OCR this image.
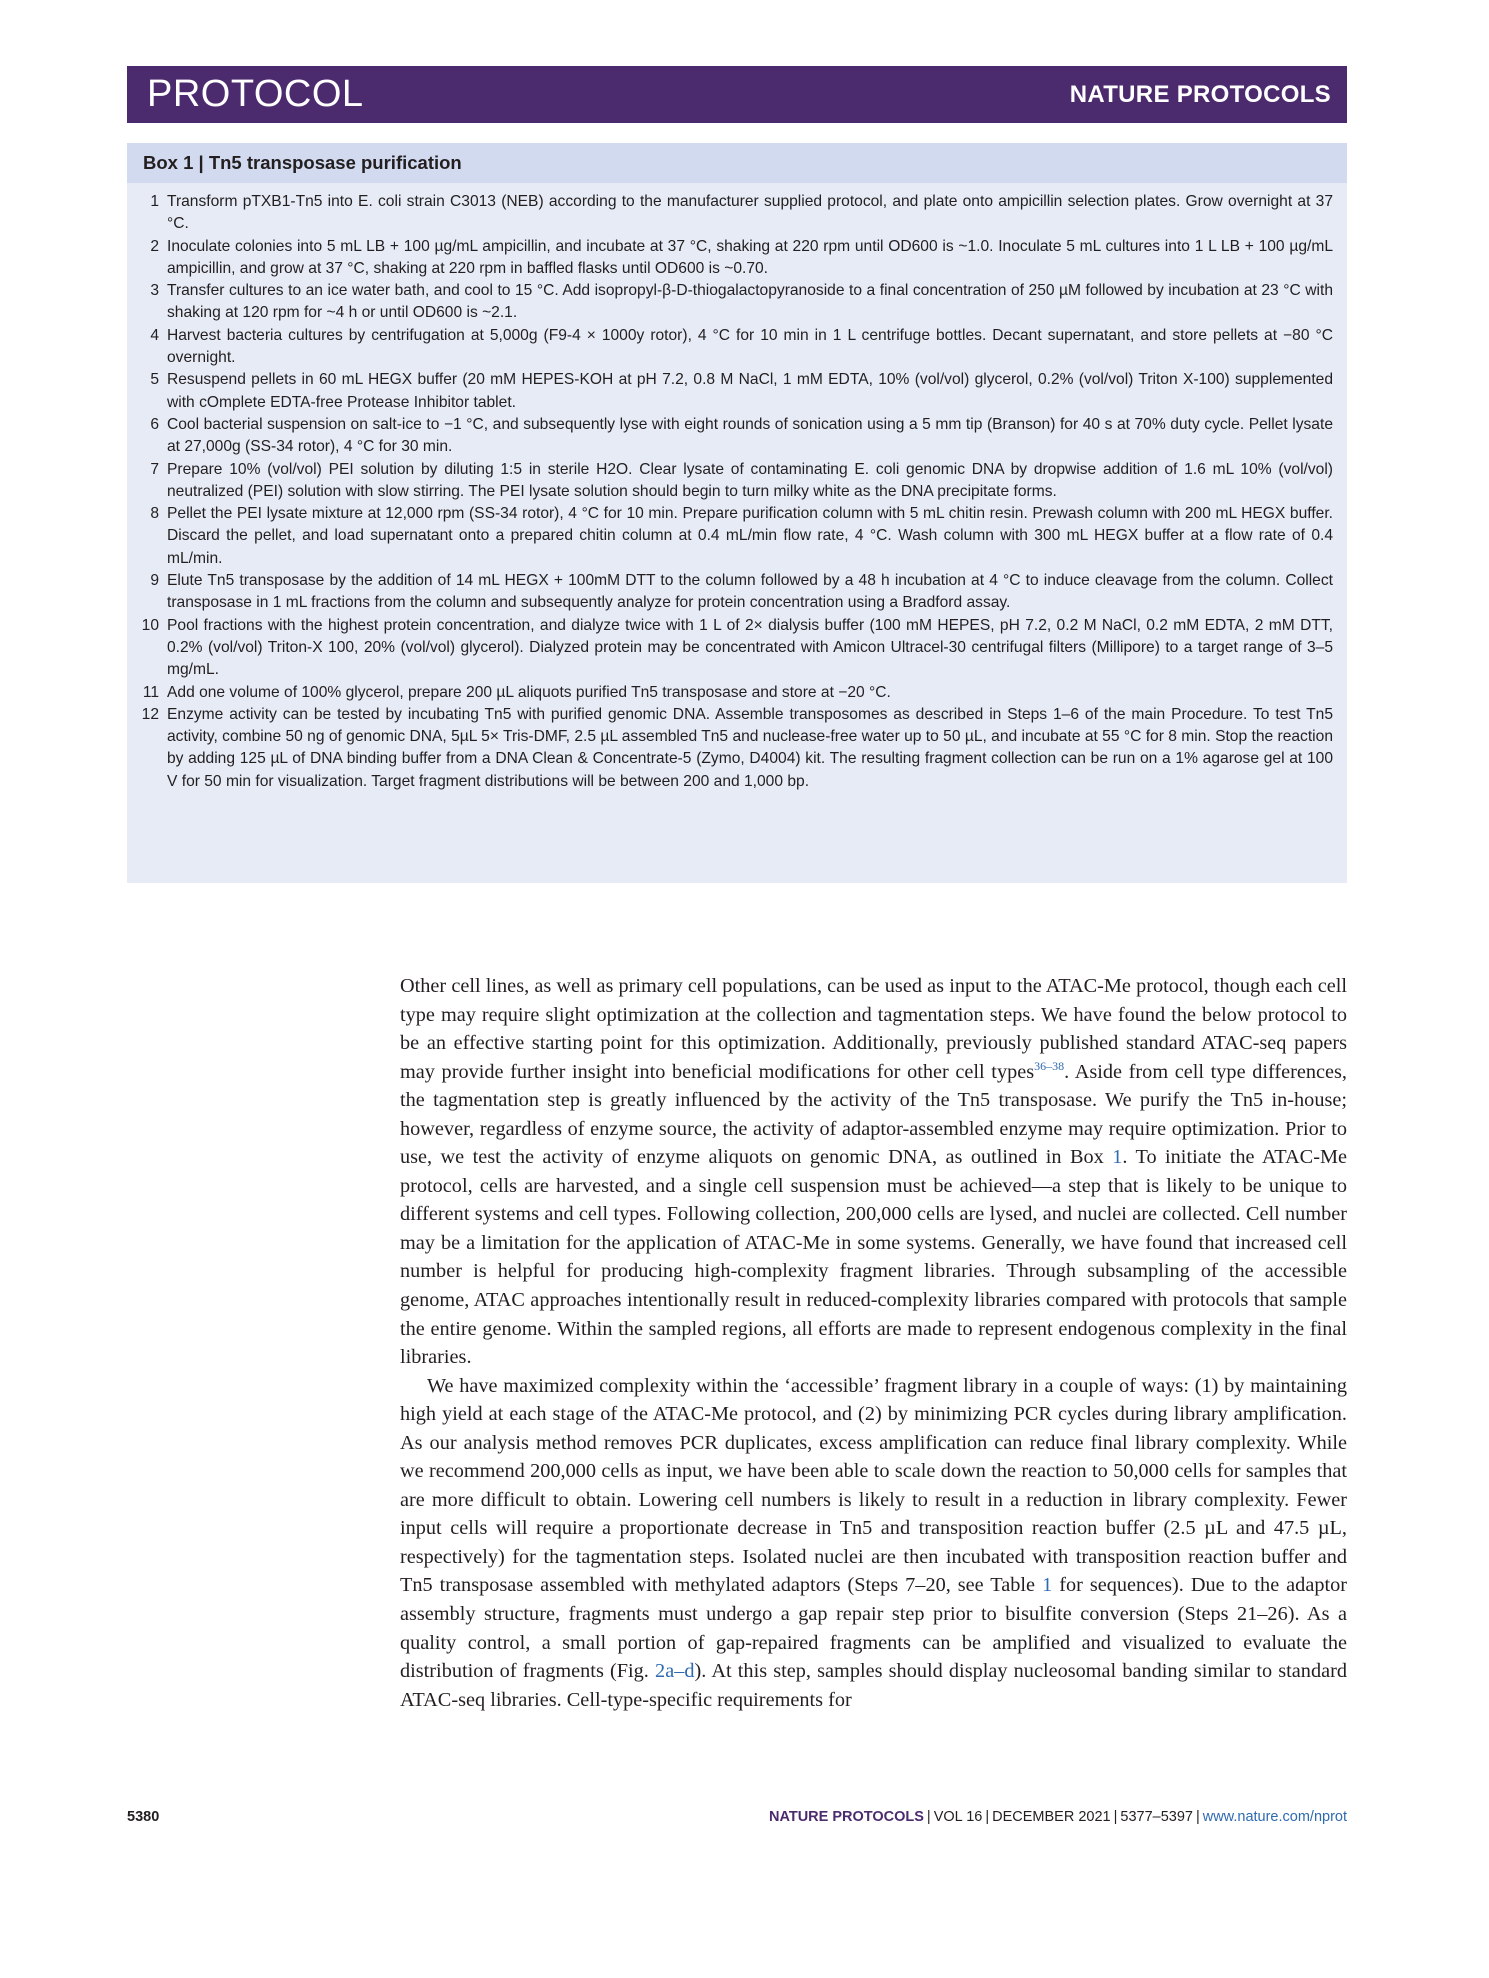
PROTOCOL	NATURE PROTOCOLS
Box 1 | Tn5 transposase purification
1 Transform pTXB1-Tn5 into E. coli strain C3013 (NEB) according to the manufacturer supplied protocol, and plate onto ampicillin selection plates. Grow overnight at 37 °C.
2 Inoculate colonies into 5 mL LB + 100 µg/mL ampicillin, and incubate at 37 °C, shaking at 220 rpm until OD600 is ~1.0. Inoculate 5 mL cultures into 1 L LB + 100 µg/mL ampicillin, and grow at 37 °C, shaking at 220 rpm in baffled flasks until OD600 is ~0.70.
3 Transfer cultures to an ice water bath, and cool to 15 °C. Add isopropyl-β-D-thiogalactopyranoside to a final concentration of 250 µM followed by incubation at 23 °C with shaking at 120 rpm for ~4 h or until OD600 is ~2.1.
4 Harvest bacteria cultures by centrifugation at 5,000g (F9-4 × 1000y rotor), 4 °C for 10 min in 1 L centrifuge bottles. Decant supernatant, and store pellets at −80 °C overnight.
5 Resuspend pellets in 60 mL HEGX buffer (20 mM HEPES-KOH at pH 7.2, 0.8 M NaCl, 1 mM EDTA, 10% (vol/vol) glycerol, 0.2% (vol/vol) Triton X-100) supplemented with cOmplete EDTA-free Protease Inhibitor tablet.
6 Cool bacterial suspension on salt-ice to −1 °C, and subsequently lyse with eight rounds of sonication using a 5 mm tip (Branson) for 40 s at 70% duty cycle. Pellet lysate at 27,000g (SS-34 rotor), 4 °C for 30 min.
7 Prepare 10% (vol/vol) PEI solution by diluting 1:5 in sterile H2O. Clear lysate of contaminating E. coli genomic DNA by dropwise addition of 1.6 mL 10% (vol/vol) neutralized (PEI) solution with slow stirring. The PEI lysate solution should begin to turn milky white as the DNA precipitate forms.
8 Pellet the PEI lysate mixture at 12,000 rpm (SS-34 rotor), 4 °C for 10 min. Prepare purification column with 5 mL chitin resin. Prewash column with 200 mL HEGX buffer. Discard the pellet, and load supernatant onto a prepared chitin column at 0.4 mL/min flow rate, 4 °C. Wash column with 300 mL HEGX buffer at a flow rate of 0.4 mL/min.
9 Elute Tn5 transposase by the addition of 14 mL HEGX + 100mM DTT to the column followed by a 48 h incubation at 4 °C to induce cleavage from the column. Collect transposase in 1 mL fractions from the column and subsequently analyze for protein concentration using a Bradford assay.
10 Pool fractions with the highest protein concentration, and dialyze twice with 1 L of 2× dialysis buffer (100 mM HEPES, pH 7.2, 0.2 M NaCl, 0.2 mM EDTA, 2 mM DTT, 0.2% (vol/vol) Triton-X 100, 20% (vol/vol) glycerol). Dialyzed protein may be concentrated with Amicon Ultracel-30 centrifugal filters (Millipore) to a target range of 3–5 mg/mL.
11 Add one volume of 100% glycerol, prepare 200 µL aliquots purified Tn5 transposase and store at −20 °C.
12 Enzyme activity can be tested by incubating Tn5 with purified genomic DNA. Assemble transposomes as described in Steps 1–6 of the main Procedure. To test Tn5 activity, combine 50 ng of genomic DNA, 5µL 5× Tris-DMF, 2.5 µL assembled Tn5 and nuclease-free water up to 50 µL, and incubate at 55 °C for 8 min. Stop the reaction by adding 125 µL of DNA binding buffer from a DNA Clean & Concentrate-5 (Zymo, D4004) kit. The resulting fragment collection can be run on a 1% agarose gel at 100 V for 50 min for visualization. Target fragment distributions will be between 200 and 1,000 bp.

Other cell lines, as well as primary cell populations, can be used as input to the ATAC-Me protocol, though each cell type may require slight optimization at the collection and tagmentation steps. We have found the below protocol to be an effective starting point for this optimization. Additionally, previously published standard ATAC-seq papers may provide further insight into beneficial modifications for other cell types$^{36-38}$. Aside from cell type differences, the tagmentation step is greatly influenced by the activity of the Tn5 transposase. We purify the Tn5 in-house; however, regardless of enzyme source, the activity of adaptor-assembled enzyme may require optimization. Prior to use, we test the activity of enzyme aliquots on genomic DNA, as outlined in Box 1. To initiate the ATAC-Me protocol, cells are harvested, and a single cell suspension must be achieved—a step that is likely to be unique to different systems and cell types. Following collection, 200,000 cells are lysed, and nuclei are collected. Cell number may be a limitation for the application of ATAC-Me in some systems. Generally, we have found that increased cell number is helpful for producing high-complexity fragment libraries. Through subsampling of the accessible genome, ATAC approaches intentionally result in reduced-complexity libraries compared with protocols that sample the entire genome. Within the sampled regions, all efforts are made to represent endogenous complexity in the final libraries.

We have maximized complexity within the ‘accessible’ fragment library in a couple of ways: (1) by maintaining high yield at each stage of the ATAC-Me protocol, and (2) by minimizing PCR cycles during library amplification. As our analysis method removes PCR duplicates, excess amplification can reduce final library complexity. While we recommend 200,000 cells as input, we have been able to scale down the reaction to 50,000 cells for samples that are more difficult to obtain. Lowering cell numbers is likely to result in a reduction in library complexity. Fewer input cells will require a proportionate decrease in Tn5 and transposition reaction buffer (2.5 µL and 47.5 µL, respectively) for the tagmentation steps. Isolated nuclei are then incubated with transposition reaction buffer and Tn5 transposase assembled with methylated adaptors (Steps 7–20, see Table 1 for sequences). Due to the adaptor assembly structure, fragments must undergo a gap repair step prior to bisulfite conversion (Steps 21–26). As a quality control, a small portion of gap-repaired fragments can be amplified and visualized to evaluate the distribution of fragments (Fig. 2a–d). At this step, samples should display nucleosomal banding similar to standard ATAC-seq libraries. Cell-type-specific requirements for

5380	NATURE PROTOCOLS | VOL 16 | DECEMBER 2021 | 5377–5397 | www.nature.com/nprot
